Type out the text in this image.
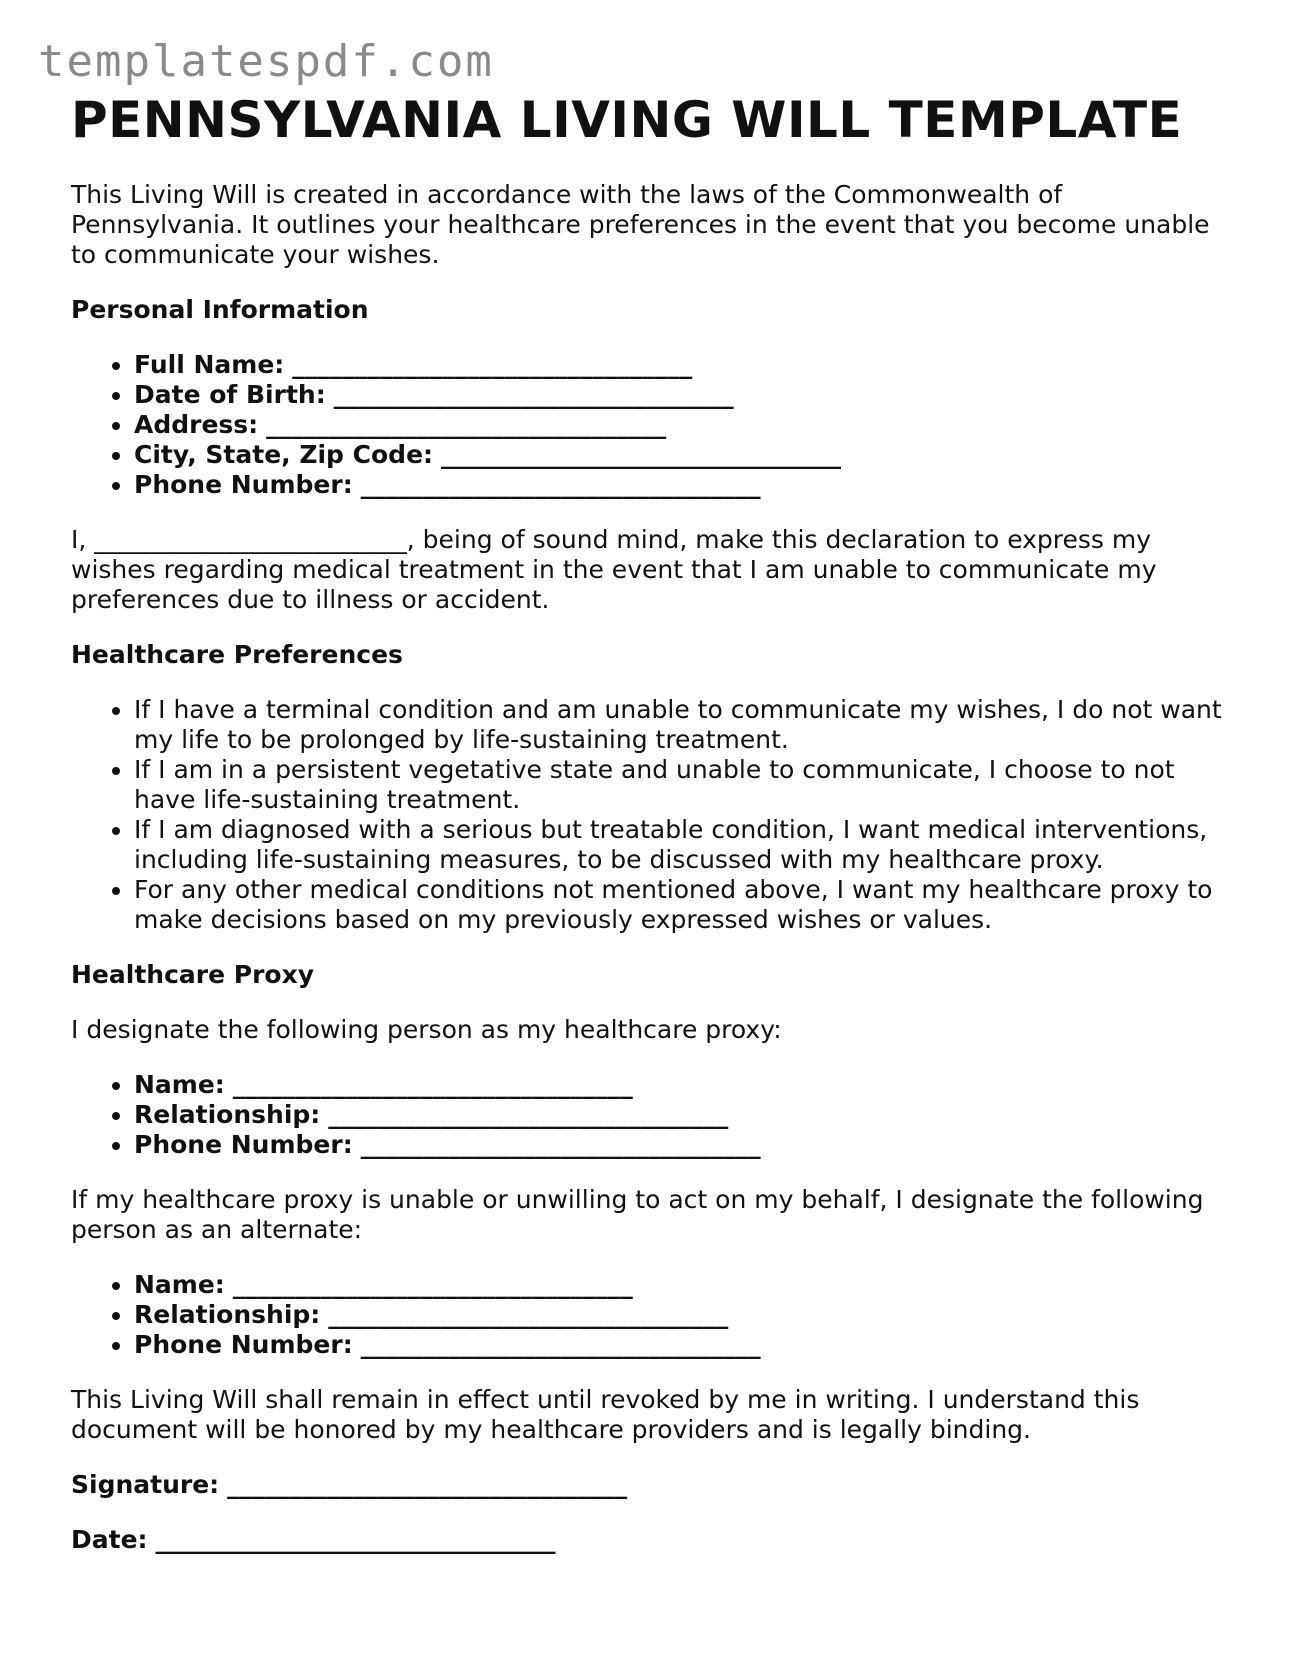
templatespdf.com
PENNSYLVANIA LIVING WILL TEMPLATE

This Living Will is created in accordance with the laws of the Commonwealth of Pennsylvania. It outlines your healthcare preferences in the event that you become unable to communicate your wishes.

Personal Information
• Full Name: ________________________________
• Date of Birth: ________________________________
• Address: ________________________________
• City, State, Zip Code: ________________________________
• Phone Number: ________________________________

I, _________________________, being of sound mind, make this declaration to express my wishes regarding medical treatment in the event that I am unable to communicate my preferences due to illness or accident.

Healthcare Preferences
• If I have a terminal condition and am unable to communicate my wishes, I do not want my life to be prolonged by life-sustaining treatment.
• If I am in a persistent vegetative state and unable to communicate, I choose to not have life-sustaining treatment.
• If I am diagnosed with a serious but treatable condition, I want medical interventions, including life-sustaining measures, to be discussed with my healthcare proxy.
• For any other medical conditions not mentioned above, I want my healthcare proxy to make decisions based on my previously expressed wishes or values.
Healthcare Proxy

I designate the following person as my healthcare proxy:

• Name: ________________________________
• Relationship: ________________________________
• Phone Number: ________________________________

If my healthcare proxy is unable or unwilling to act on my behalf, I designate the following person as an alternate:

• Name: ________________________________
• Relationship: ________________________________
• Phone Number: ________________________________

This Living Will shall remain in effect until revoked by me in writing. I understand this document will be honored by my healthcare providers and is legally binding.

Signature: ________________________________

Date: ________________________________
